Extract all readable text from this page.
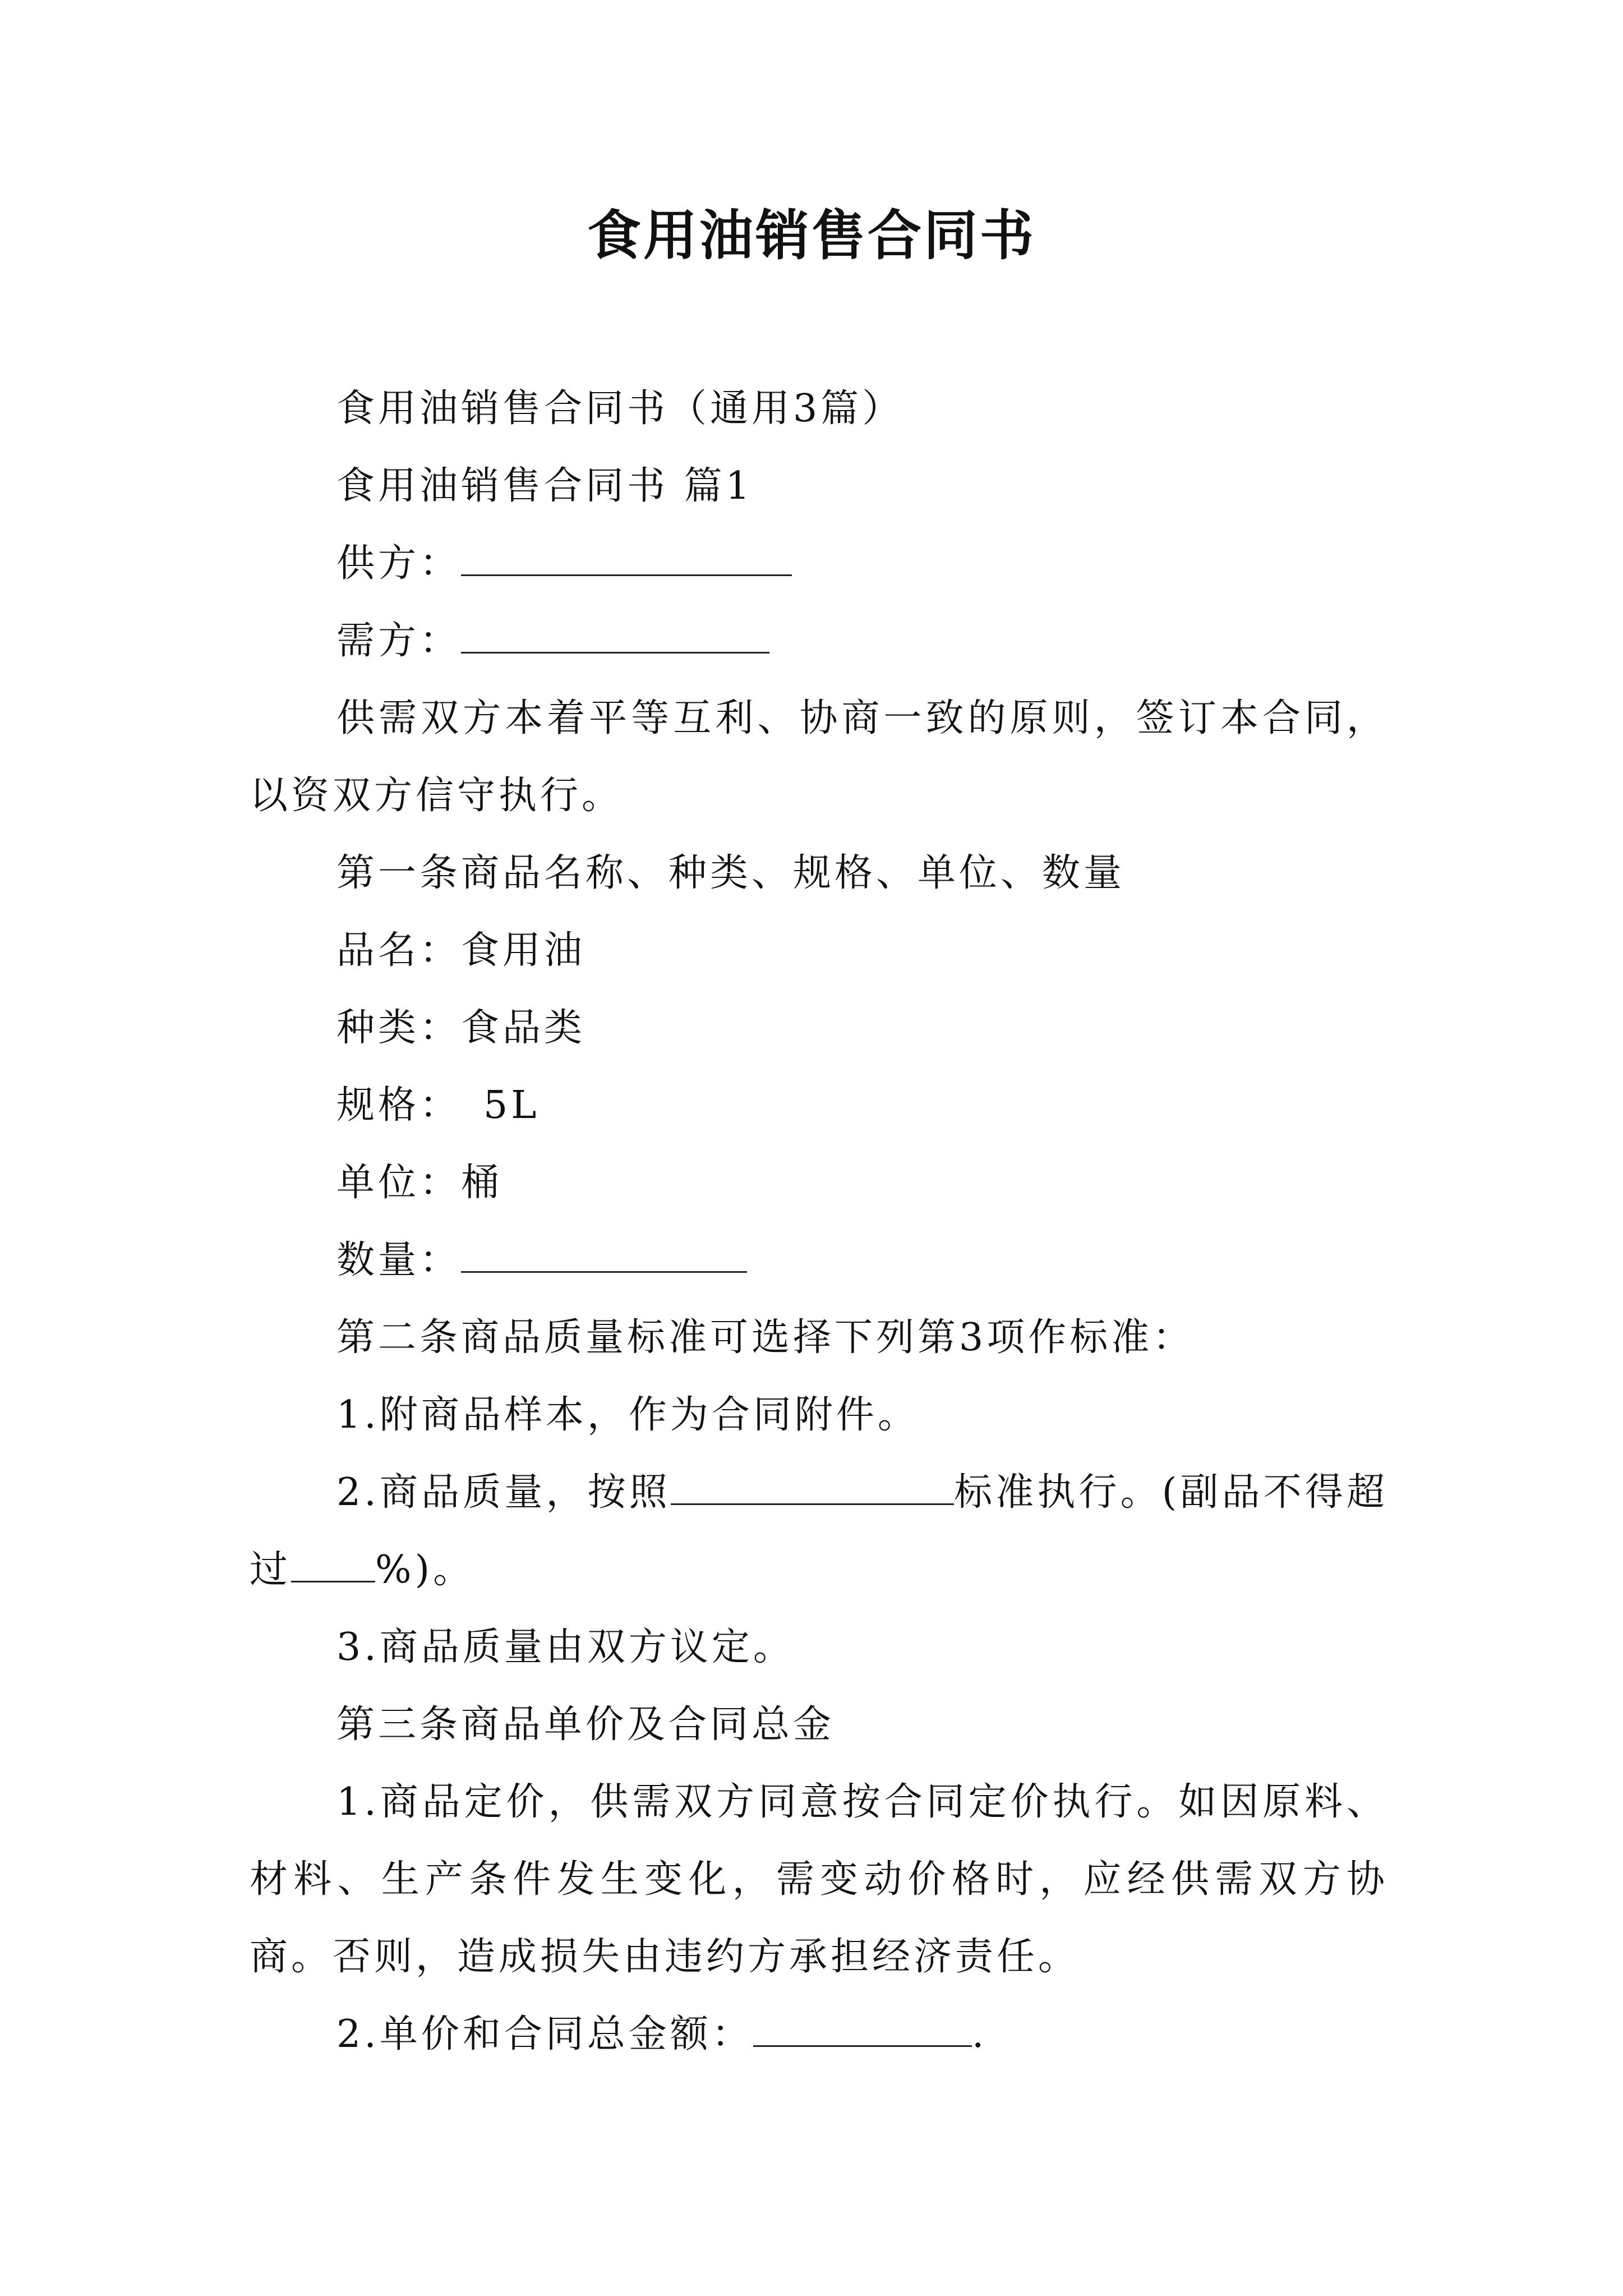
食用油销售合同书

食用油销售合同书（通用3篇）

食用油销售合同书 篇1

供方：

需方：

供需双方本着平等互利、协商一致的原则，签订本合同，以资双方信守执行。

第一条商品名称、种类、规格、单位、数量

品名：食用油

种类：食品类

规格： 5L

单位：桶

数量：

第二条商品质量标准可选择下列第3项作标准：

1.附商品样本，作为合同附件。

2.商品质量，按照	标准执行。(副品不得超过 %)。

3.商品质量由双方议定。

第三条商品单价及合同总金

1.商品定价，供需双方同意按合同定价执行。如因原料、材料、生产条件发生变化，需变动价格时，应经供需双方协商。否则，造成损失由违约方承担经济责任。

2.单价和合同总金额：	.
